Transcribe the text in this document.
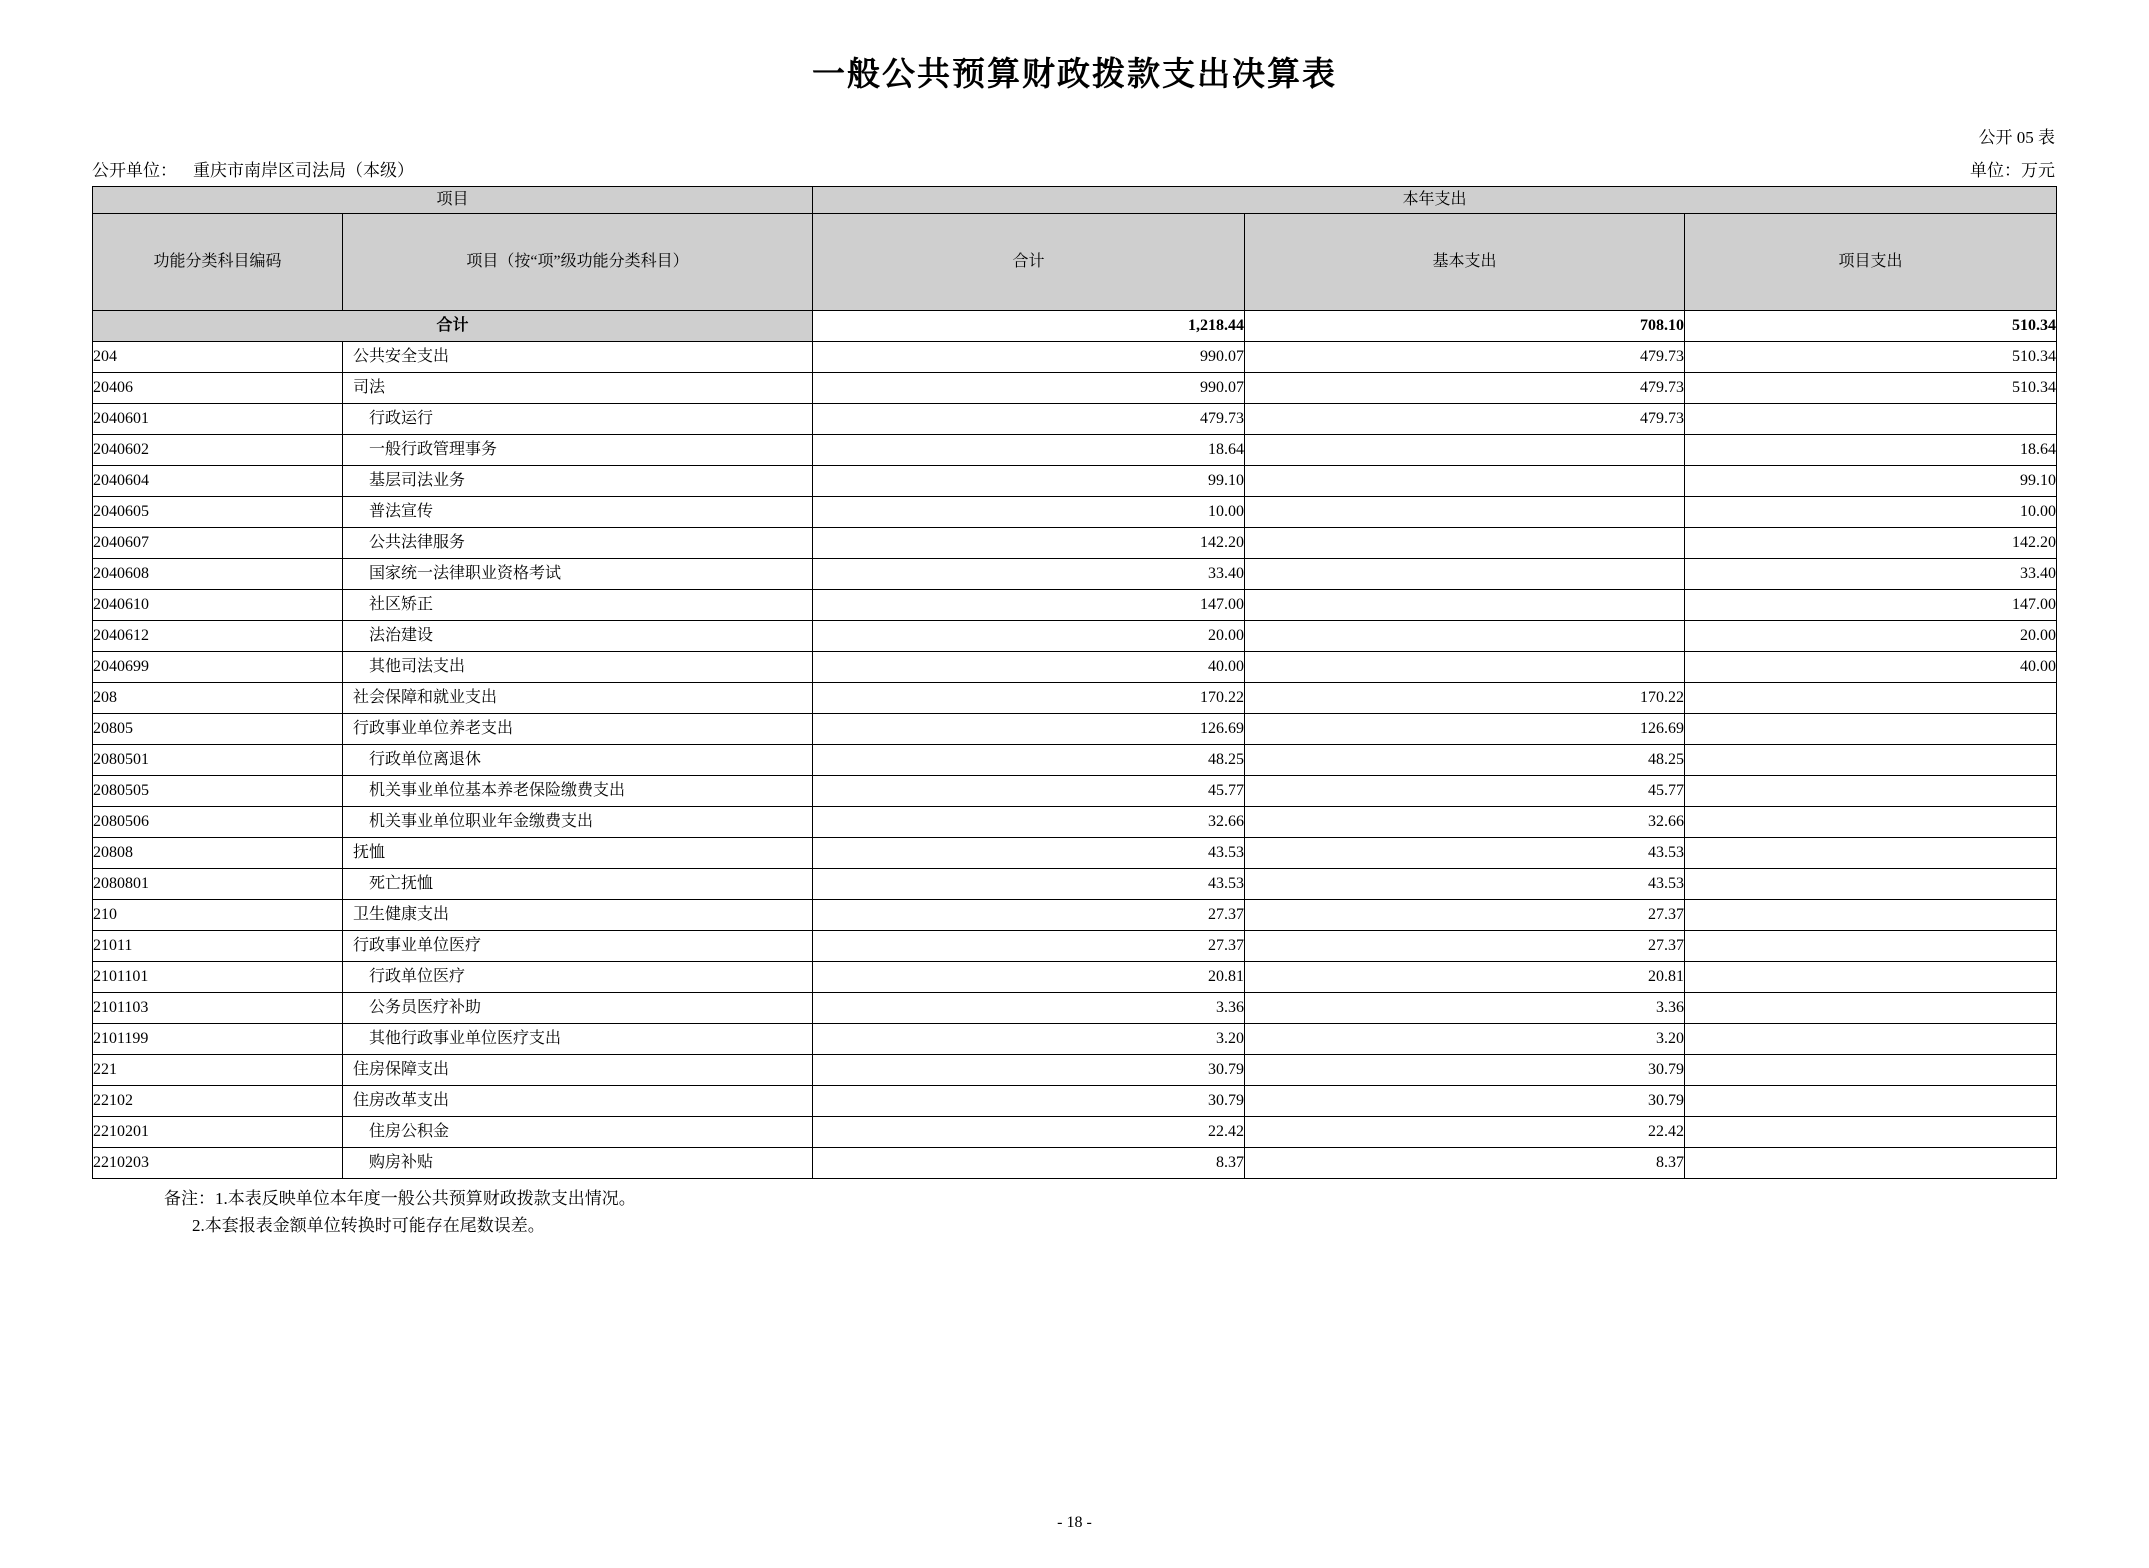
一般公共预算财政拨款支出决算表
公开 05 表
公开单位： 重庆市南岸区司法局（本级）	单位：万元
项目		本年支出		
功能分类科目编码	项目（按“项”级功能分类科目）	合计	基本支出	项目支出
合计		1,218.44	708.10	510.34
204	公共安全支出	990.07	479.73	510.34
20406	司法	990.07	479.73	510.34
2040601	行政运行	479.73	479.73	
2040602	一般行政管理事务	18.64		18.64
2040604	基层司法业务	99.10		99.10
2040605	普法宣传	10.00		10.00
2040607	公共法律服务	142.20		142.20
2040608	国家统一法律职业资格考试	33.40		33.40
2040610	社区矫正	147.00		147.00
2040612	法治建设	20.00		20.00
2040699	其他司法支出	40.00		40.00
208	社会保障和就业支出	170.22	170.22	
20805	行政事业单位养老支出	126.69	126.69	
2080501	行政单位离退休	48.25	48.25	
2080505	机关事业单位基本养老保险缴费支出	45.77	45.77	
2080506	机关事业单位职业年金缴费支出	32.66	32.66	
20808	抚恤	43.53	43.53	
2080801	死亡抚恤	43.53	43.53	
210	卫生健康支出	27.37	27.37	
21011	行政事业单位医疗	27.37	27.37	
2101101	行政单位医疗	20.81	20.81	
2101103	公务员医疗补助	3.36	3.36	
2101199	其他行政事业单位医疗支出	3.20	3.20	
221	住房保障支出	30.79	30.79	
22102	住房改革支出	30.79	30.79	
2210201	住房公积金	22.42	22.42	
2210203	购房补贴	8.37	8.37	
备注：1.本表反映单位本年度一般公共预算财政拨款支出情况。
2.本套报表金额单位转换时可能存在尾数误差。
- 18 -
